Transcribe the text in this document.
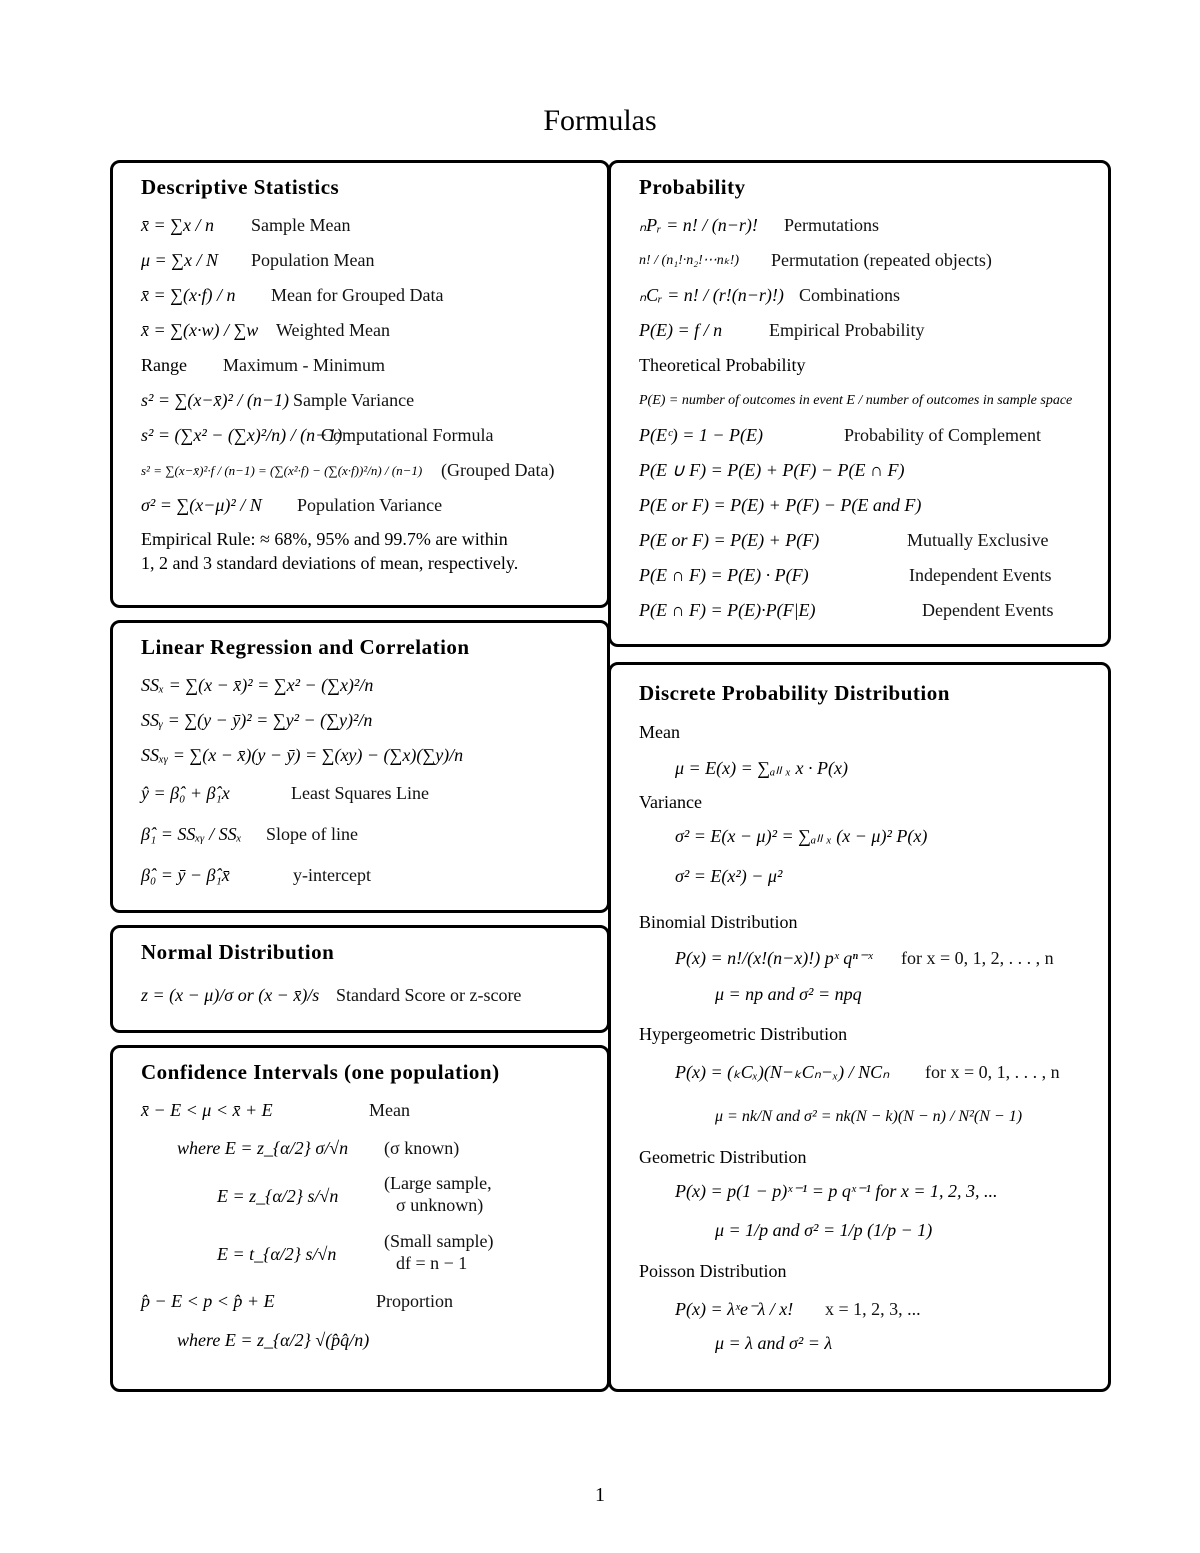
Formulas
Descriptive Statistics
x̄ = ∑x / n Sample Mean
μ = ∑x / N Population Mean
x̄ = ∑(x·f) / n Mean for Grouped Data
x̄ = ∑(x·w) / ∑w Weighted Mean
Range Maximum - Minimum
s² = ∑(x−x̄)² / (n−1) Sample Variance
s² = (∑x² − (∑x)²/n) / (n−1)
Computational Formula
s² = ∑(x−x̄)²·f / (n−1) = (∑(x²·f) − (∑(x·f))²/n) / (n−1) (Grouped Data)
σ² = ∑(x−μ)² / N Population Variance
Empirical Rule: ≈ 68%, 95% and 99.7% are within
1, 2 and 3 standard deviations of mean, respectively.
Probability
ₙPᵣ = n! / (n−r)! Permutations
n! / (n₁!·n₂!⋯nₖ!) Permutation (repeated objects)
ₙCᵣ = n! / (r!(n−r)!) Combinations
P(E) = f / n	Empirical Probability
Theoretical Probability
P(E) = number of outcomes in event E / number of outcomes in sample space
P(Eᶜ) = 1 − P(E)	Probability of Complement
P(E ∪ F) = P(E) + P(F) − P(E ∩ F)
P(E or F) = P(E) + P(F) − P(E and F)
P(E or F) = P(E) + P(F)	Mutually Exclusive
P(E ∩ F) = P(E) · P(F)	Independent Events
P(E ∩ F) = P(E)·P(F|E)	Dependent Events
Linear Regression and Correlation
SSₓ = ∑(x − x̄)² = ∑x² − (∑x)²/n
SSᵧ = ∑(y − ȳ)² = ∑y² − (∑y)²/n
SSₓᵧ = ∑(x − x̄)(y − ȳ) = ∑(xy) − (∑x)(∑y)/n
ŷ = β̂₀ + β̂₁x	Least Squares Line
β̂₁ = SSₓᵧ / SSₓ Slope of line
β̂₀ = ȳ − β̂₁x̄	y-intercept
Normal Distribution
z = (x − μ)/σ or (x − x̄)/s Standard Score or z-score
Confidence Intervals (one population)
x̄ − E < μ < x̄ + E	Mean
where E = z_{α/2} σ/√n (σ known)
E = z_{α/2} s/√n
(Large sample,
σ unknown)
E = t_{α/2} s/√n
(Small sample)
df = n − 1
p̂ − E < p < p̂ + E	Proportion
where E = z_{α/2} √(p̂q̂/n)
Discrete Probability Distribution
Mean
μ = E(x) = ∑ₐₗₗ ₓ x · P(x)
Variance
σ² = E(x − μ)² = ∑ₐₗₗ ₓ (x − μ)² P(x)
σ² = E(x²) − μ²
Binomial Distribution
P(x) = n!/(x!(n−x)!) pˣ qⁿ⁻ˣ for x = 0, 1, 2, . . . , n
μ = np and σ² = npq
Hypergeometric Distribution
P(x) = (ₖCₓ)(N−ₖCₙ−ₓ) / NCₙ for x = 0, 1, . . . , n
μ = nk/N and σ² = nk(N − k)(N − n) / N²(N − 1)
Geometric Distribution
P(x) = p(1 − p)ˣ⁻¹ = p qˣ⁻¹ for x = 1, 2, 3, ...
μ = 1/p and σ² = 1/p (1/p − 1)
Poisson Distribution
P(x) = λˣe⁻λ / x! x = 1, 2, 3, ...
μ = λ and σ² = λ
1
